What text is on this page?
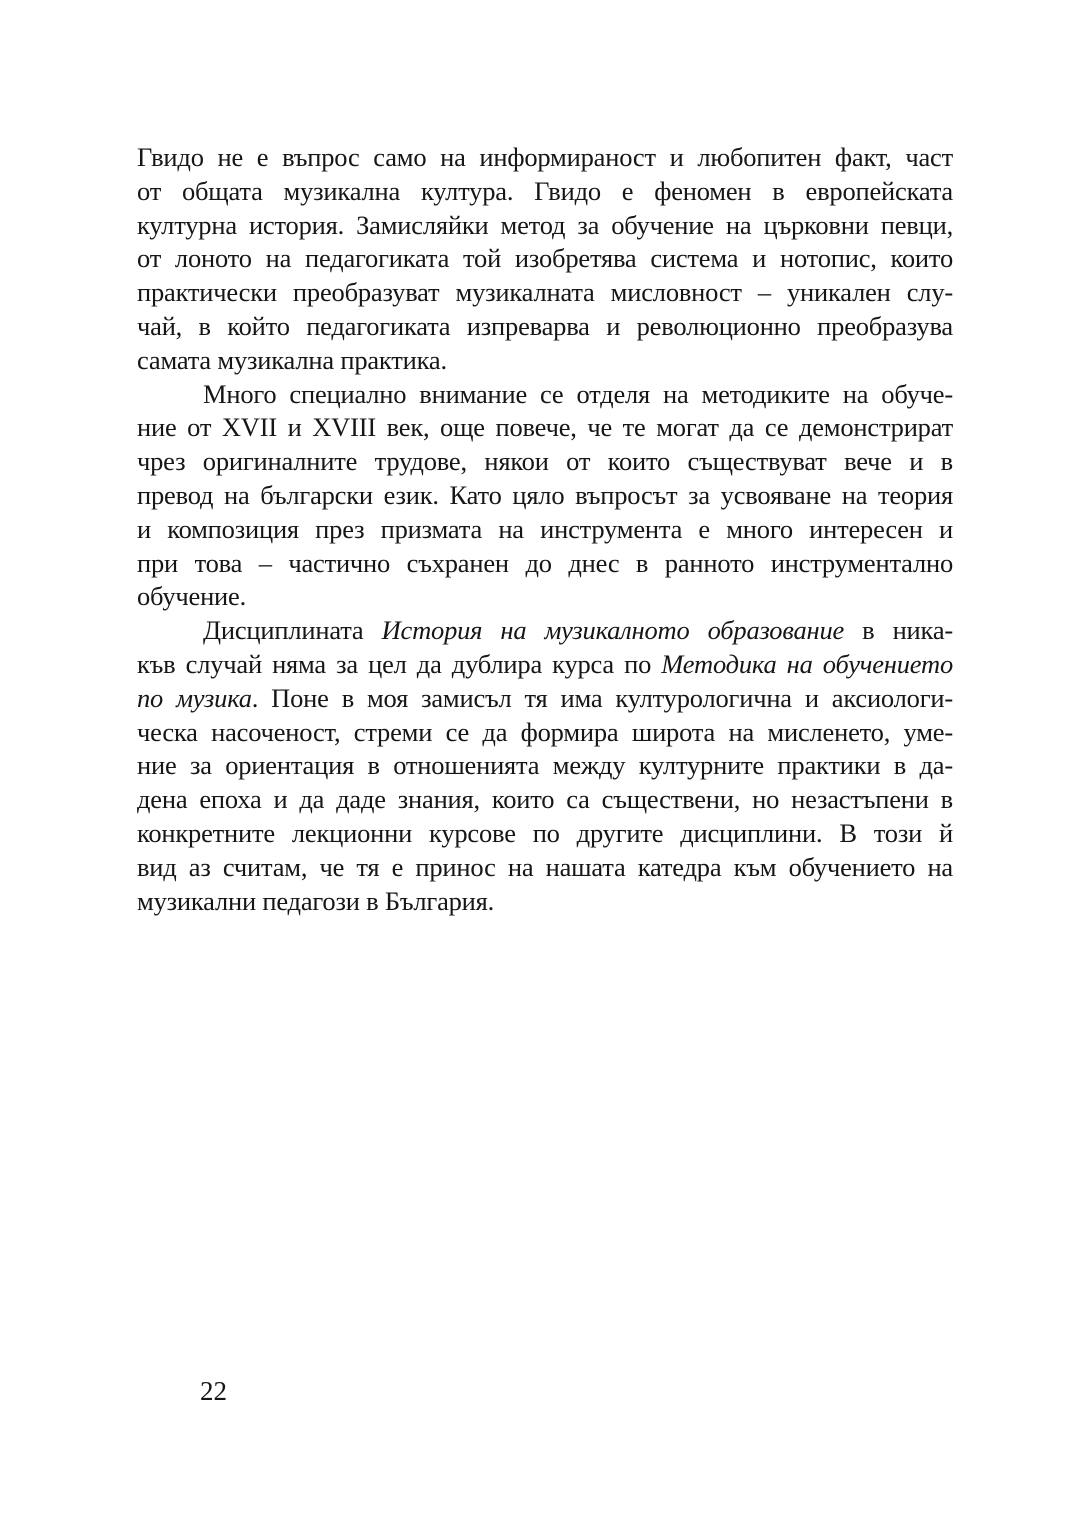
Гвидо не е въпрос само на информираност и любопитен факт, част
от общата музикална култура. Гвидо е феномен в европейската
културна история. Замисляйки метод за обучение на църковни певци,
от лоното на педагогиката той изобретява система и нотопис, които
практически преобразуват музикалната мисловност – уникален слу-
чай, в който педагогиката изпреварва и революционно преобразува
самата музикална практика.
Много специално внимание се отделя на методиките на обуче-
ние от XVII и XVIII век, още повече, че те могат да се демонстрират
чрез оригиналните трудове, някои от които съществуват вече и в
превод на български език. Като цяло въпросът за усвояване на теория
и композиция през призмата на инструмента е много интересен и
при това – частично съхранен до днес в ранното инструментално
обучение.
Дисциплината История на музикалното образование в ника-
къв случай няма за цел да дублира курса по Методика на обучението
по музика. Поне в моя замисъл тя има културологична и аксиологи-
ческа насоченост, стреми се да формира широта на мисленето, уме-
ние за ориентация в отношенията между културните практики в да-
дена епоха и да даде знания, които са съществени, но незастъпени в
конкретните лекционни курсове по другите дисциплини. В този й
вид аз считам, че тя е принос на нашата катедра към обучението на
музикални педагози в България.
22
